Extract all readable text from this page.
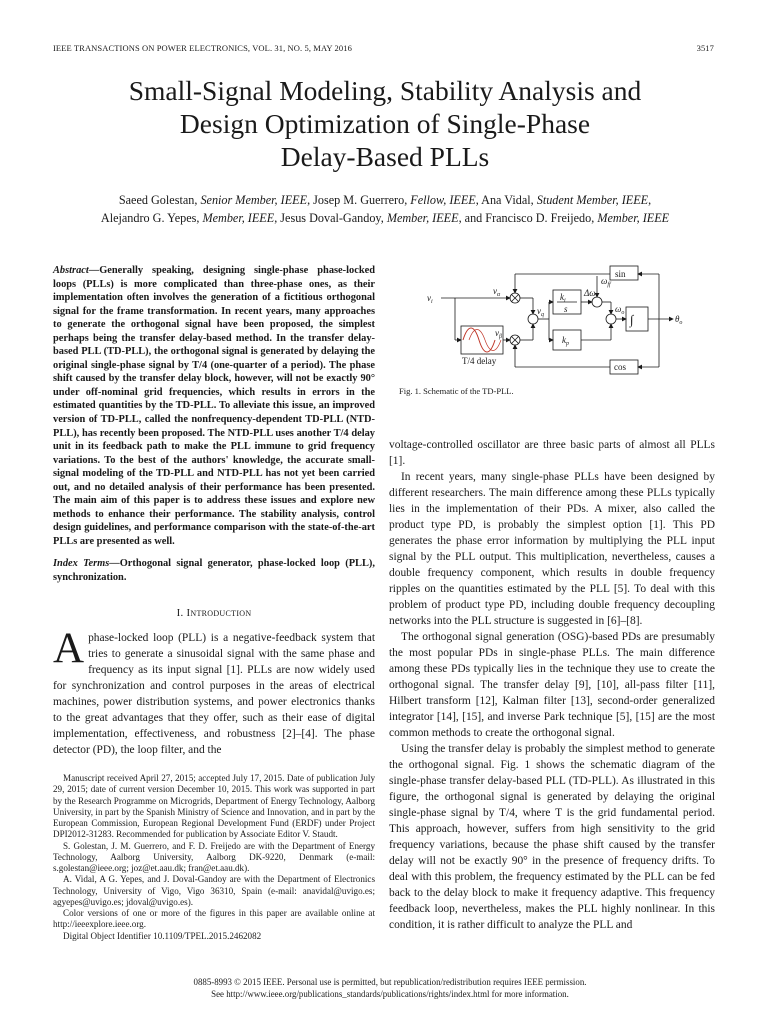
IEEE TRANSACTIONS ON POWER ELECTRONICS, VOL. 31, NO. 5, MAY 2016	3517
Small-Signal Modeling, Stability Analysis and
Design Optimization of Single-Phase
Delay-Based PLLs
Saeed Golestan, Senior Member, IEEE, Josep M. Guerrero, Fellow, IEEE, Ana Vidal, Student Member, IEEE,
Alejandro G. Yepes, Member, IEEE, Jesus Doval-Gandoy, Member, IEEE, and Francisco D. Freijedo, Member, IEEE
Abstract—Generally speaking, designing single-phase phase-locked loops (PLLs) is more complicated than three-phase ones, as their implementation often involves the generation of a fictitious orthogonal signal for the frame transformation. In recent years, many approaches to generate the orthogonal signal have been proposed, the simplest perhaps being the transfer delay-based method. In the transfer delay-based PLL (TD-PLL), the orthogonal signal is generated by delaying the original single-phase signal by T/4 (one-quarter of a period). The phase shift caused by the transfer delay block, however, will not be exactly 90° under off-nominal grid frequencies, which results in errors in the estimated quantities by the TD-PLL. To alleviate this issue, an improved version of TD-PLL, called the nonfrequency-dependent TD-PLL (NTD-PLL), has recently been proposed. The NTD-PLL uses another T/4 delay unit in its feedback path to make the PLL immune to grid frequency variations. To the best of the authors' knowledge, the accurate small-signal modeling of the TD-PLL and NTD-PLL has not yet been carried out, and no detailed analysis of their performance has been presented. The main aim of this paper is to address these issues and explore new methods to enhance their performance. The stability analysis, control design guidelines, and performance comparison with the state-of-the-art PLLs are presented as well.
Index Terms—Orthogonal signal generator, phase-locked loop (PLL), synchronization.
I. Introduction
Aphase-locked loop (PLL) is a negative-feedback system that tries to generate a sinusoidal signal with the same phase and frequency as its input signal [1]. PLLs are now widely used for synchronization and control purposes in the areas of electrical machines, power distribution systems, and power electronics thanks to the great advantages that they offer, such as their ease of digital implementation, effectiveness, and robustness [2]–[4]. The phase detector (PD), the loop filter, and the

Manuscript received April 27, 2015; accepted July 17, 2015. Date of publication July 29, 2015; date of current version December 10, 2015. This work was supported in part by the Research Programme on Microgrids, Department of Energy Technology, Aalborg University, in part by the Spanish Ministry of Science and Innovation, and in part by the European Commission, European Regional Development Fund (ERDF) under Project DPI2012-31283. Recommended for publication by Associate Editor V. Staudt.

S. Golestan, J. M. Guerrero, and F. D. Freijedo are with the Department of Energy Technology, Aalborg University, Aalborg DK-9220, Denmark (e-mail: s.golestan@ieee.org; joz@et.aau.dk; fran@et.aau.dk).

A. Vidal, A G. Yepes, and J. Doval-Gandoy are with the Department of Electronics Technology, University of Vigo, Vigo 36310, Spain (e-mail: anavidal@uvigo.es; agyepes@uvigo.es; jdoval@uvigo.es).

Color versions of one or more of the figures in this paper are available online at http://ieeexplore.ieee.org.

Digital Object Identifier 10.1109/TPEL.2015.2462082

$v_i$
$v_\alpha$
$v_\beta$
$v_q$
$k_i$
s
$k_p$
Δω
$\omega_{ff}$
$\omega_o$
$\theta_o$
∫
sin
cos
T/4 delay
Fig. 1. Schematic of the TD-PLL.

voltage-controlled oscillator are three basic parts of almost all PLLs [1].

In recent years, many single-phase PLLs have been designed by different researchers. The main difference among these PLLs typically lies in the implementation of their PDs. A mixer, also called the product type PD, is probably the simplest option [1]. This PD generates the phase error information by multiplying the PLL input signal by the PLL output. This multiplication, nevertheless, causes a double frequency component, which results in double frequency ripples on the quantities estimated by the PLL [5]. To deal with this problem of product type PD, including double frequency decoupling networks into the PLL structure is suggested in [6]–[8].

The orthogonal signal generation (OSG)-based PDs are presumably the most popular PDs in single-phase PLLs. The main difference among these PDs typically lies in the technique they use to create the orthogonal signal. The transfer delay [9], [10], all-pass filter [11], Hilbert transform [12], Kalman filter [13], second-order generalized integrator [14], [15], and inverse Park technique [5], [15] are the most common methods to create the orthogonal signal.

Using the transfer delay is probably the simplest method to generate the orthogonal signal. Fig. 1 shows the schematic diagram of the single-phase transfer delay-based PLL (TD-PLL). As illustrated in this figure, the orthogonal signal is generated by delaying the original single-phase signal by T/4, where T is the grid fundamental period. This approach, however, suffers from high sensitivity to the grid frequency variations, because the phase shift caused by the transfer delay will not be exactly 90° in the presence of frequency drifts. To deal with this problem, the frequency estimated by the PLL can be fed back to the delay block to make it frequency adaptive. This frequency feedback loop, nevertheless, makes the PLL highly nonlinear. In this condition, it is rather difficult to analyze the PLL and

0885-8993 © 2015 IEEE. Personal use is permitted, but republication/redistribution requires IEEE permission.
See http://www.ieee.org/publications_standards/publications/rights/index.html for more information.
